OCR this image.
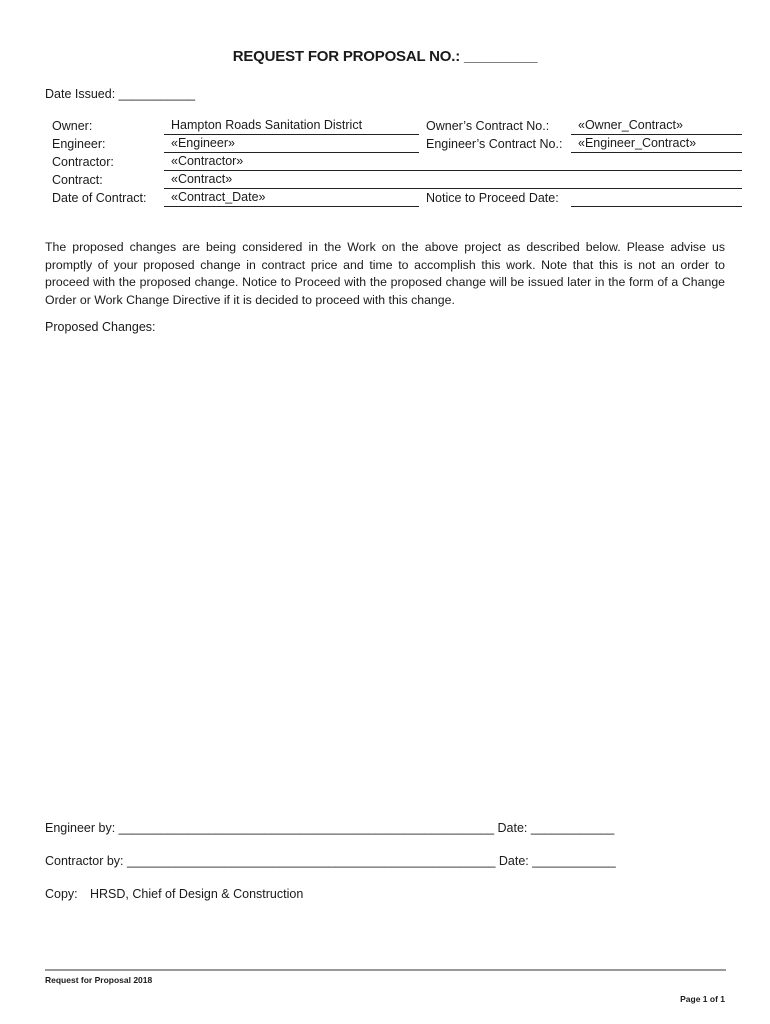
REQUEST FOR PROPOSAL NO.: _________
Date Issued: ___________
Owner:
Engineer:
Contractor:
Contract:
Date of Contract:
Hampton Roads Sanitation District
«Engineer»
«Contractor»
«Contract»
«Contract_Date»
Owner’s Contract No.:
Engineer’s Contract No.:
Notice to Proceed Date:
«Owner_Contract»
«Engineer_Contract»
The proposed changes are being considered in the Work on the above project as described below. Please advise us promptly of your proposed change in contract price and time to accomplish this work. Note that this is not an order to proceed with the proposed change. Notice to Proceed with the proposed change will be issued later in the form of a Change Order or Work Change Directive if it is decided to proceed with this change.
Proposed Changes:
Engineer by: ______________________________________________________ Date: ____________
Contractor by: _____________________________________________________ Date: ____________
Copy: HRSD, Chief of Design & Construction
Request for Proposal 2018
Page 1 of 1
